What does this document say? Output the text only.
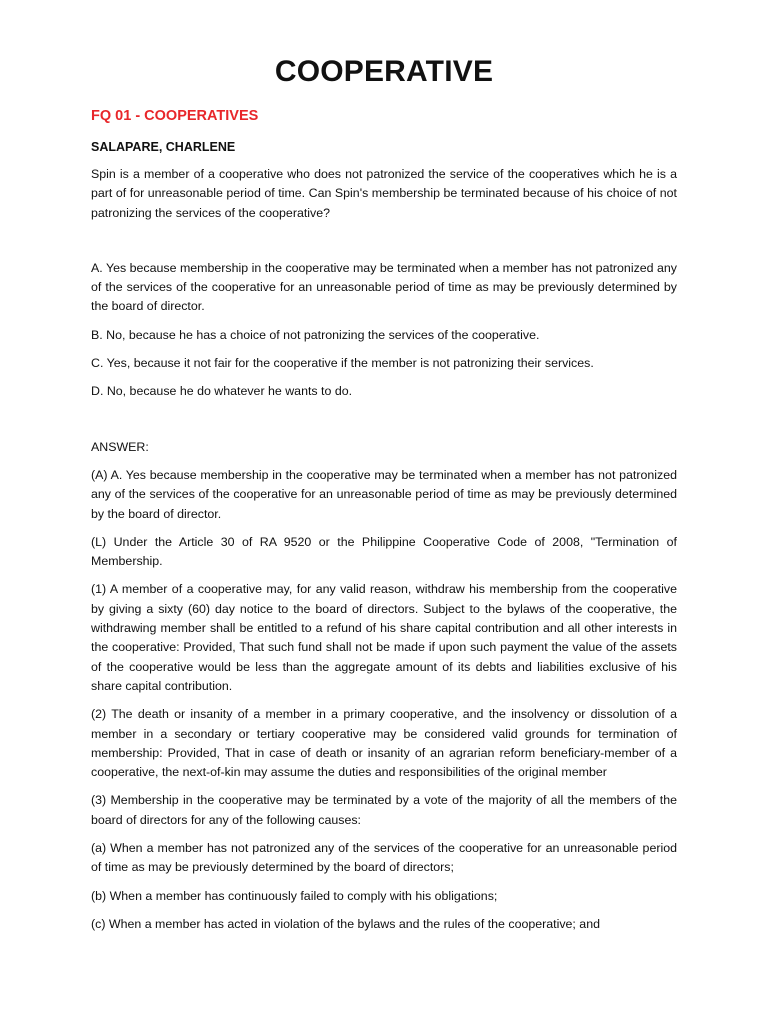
COOPERATIVE
FQ 01 - COOPERATIVES
SALAPARE, CHARLENE

Spin is a member of a cooperative who does not patronized the service of the cooperatives which he is a part of for unreasonable period of time. Can Spin's membership be terminated because of his choice of not patronizing the services of the cooperative?

A. Yes because membership in the cooperative may be terminated when a member has not patronized any of the services of the cooperative for an unreasonable period of time as may be previously determined by the board of director.

B. No, because he has a choice of not patronizing the services of the cooperative.

C. Yes, because it not fair for the cooperative if the member is not patronizing their services.

D. No, because he do whatever he wants to do.

ANSWER:

(A) A. Yes because membership in the cooperative may be terminated when a member has not patronized any of the services of the cooperative for an unreasonable period of time as may be previously determined by the board of director.

(L) Under the Article 30 of RA 9520 or the Philippine Cooperative Code of 2008, "Termination of Membership.

(1) A member of a cooperative may, for any valid reason, withdraw his membership from the cooperative by giving a sixty (60) day notice to the board of directors. Subject to the bylaws of the cooperative, the withdrawing member shall be entitled to a refund of his share capital contribution and all other interests in the cooperative: Provided, That such fund shall not be made if upon such payment the value of the assets of the cooperative would be less than the aggregate amount of its debts and liabilities exclusive of his share capital contribution.

(2) The death or insanity of a member in a primary cooperative, and the insolvency or dissolution of a member in a secondary or tertiary cooperative may be considered valid grounds for termination of membership: Provided, That in case of death or insanity of an agrarian reform beneficiary-member of a cooperative, the next-of-kin may assume the duties and responsibilities of the original member

(3) Membership in the cooperative may be terminated by a vote of the majority of all the members of the board of directors for any of the following causes:

(a) When a member has not patronized any of the services of the cooperative for an unreasonable period of time as may be previously determined by the board of directors;

(b) When a member has continuously failed to comply with his obligations;

(c) When a member has acted in violation of the bylaws and the rules of the cooperative; and
